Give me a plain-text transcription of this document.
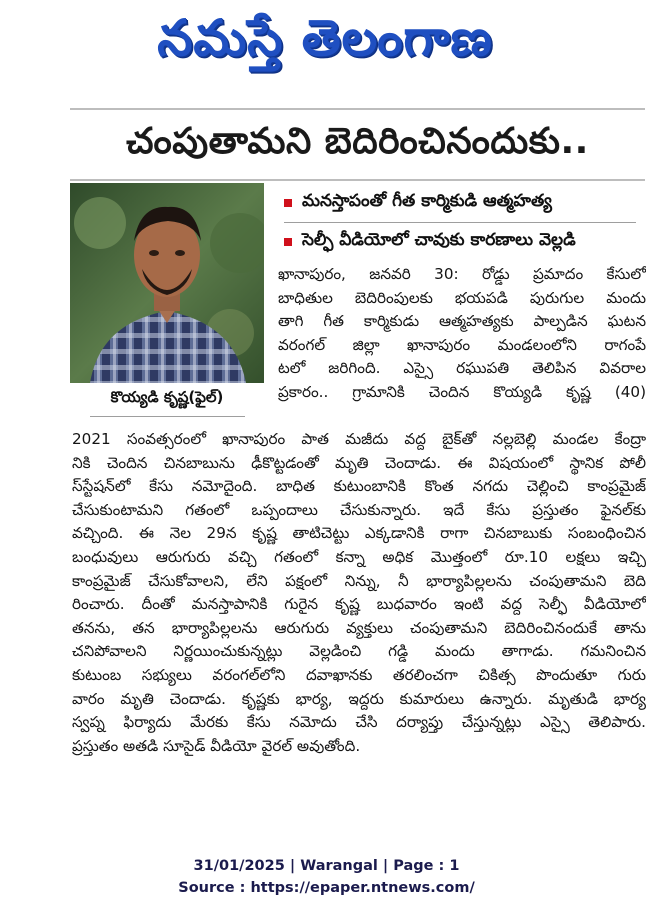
నమస్తే తెలంగాణ
చంపుతామని బెదిరించినందుకు..
కొయ్యడి కృష్ణ(ఫైల్)
మనస్తాపంతో గీత కార్మికుడి ఆత్మహత్య
సెల్ఫీ వీడియోలో చావుకు కారణాలు వెల్లడి
ఖానాపురం, జనవరి 30: రోడ్డు ప్రమాదం కేసులో
బాధితుల బెదిరింపులకు భయపడి పురుగుల మందు
తాగి గీత కార్మికుడు ఆత్మహత్యకు పాల్పడిన ఘటన
వరంగల్ జిల్లా ఖానాపురం మండలంలోని రాగంపే
టలో జరిగింది. ఎస్సై రఘుపతి తెలిపిన వివరాల
ప్రకారం.. గ్రామానికి చెందిన కొయ్యడి కృష్ణ (40)
2021 సంవత్సరంలో ఖానాపురం పాత మజీదు వద్ద బైక్‌తో నల్లబెల్లి మండల కేంద్రా
నికి చెందిన చినబాబును ఢీకొట్టడంతో మృతి చెందాడు. ఈ విషయంలో స్థానిక పోలీ
స్‌స్టేషన్‌లో కేసు నమోదైంది. బాధిత కుటుంబానికి కొంత నగదు చెల్లించి కాంప్రమైజ్
చేసుకుంటామని గతంలో ఒప్పందాలు చేసుకున్నారు. ఇదే కేసు ప్రస్తుతం ఫైనల్‌కు
వచ్చింది. ఈ నెల 29న కృష్ణ తాటిచెట్టు ఎక్కడానికి రాగా చినబాబుకు సంబంధించిన
బంధువులు ఆరుగురు వచ్చి గతంలో కన్నా అధిక మొత్తంలో రూ.10 లక్షలు ఇచ్చి
కాంప్రమైజ్ చేసుకోవాలని, లేని పక్షంలో నిన్ను, నీ భార్యాపిల్లలను చంపుతామని బెది
రించారు. దీంతో మనస్తాపానికి గురైన కృష్ణ బుధవారం ఇంటి వద్ద సెల్ఫీ వీడియోలో
తనను, తన భార్యాపిల్లలను ఆరుగురు వ్యక్తులు చంపుతామని బెదిరించినందుకే తాను
చనిపోవాలని నిర్ణయించుకున్నట్లు వెల్లడించి గడ్డి మందు తాగాడు. గమనించిన
కుటుంబ సభ్యులు వరంగల్‌లోని దవాఖానకు తరలించగా చికిత్స పొందుతూ గురు
వారం మృతి చెందాడు. కృష్ణకు భార్య, ఇద్దరు కుమారులు ఉన్నారు. మృతుడి భార్య
స్వప్న ఫిర్యాదు మేరకు కేసు నమోదు చేసి దర్యాప్తు చేస్తున్నట్లు ఎస్సై తెలిపారు.
ప్రస్తుతం అతడి సూసైడ్ వీడియో వైరల్ అవుతోంది.
31/01/2025 | Warangal | Page : 1
Source : https://epaper.ntnews.com/
